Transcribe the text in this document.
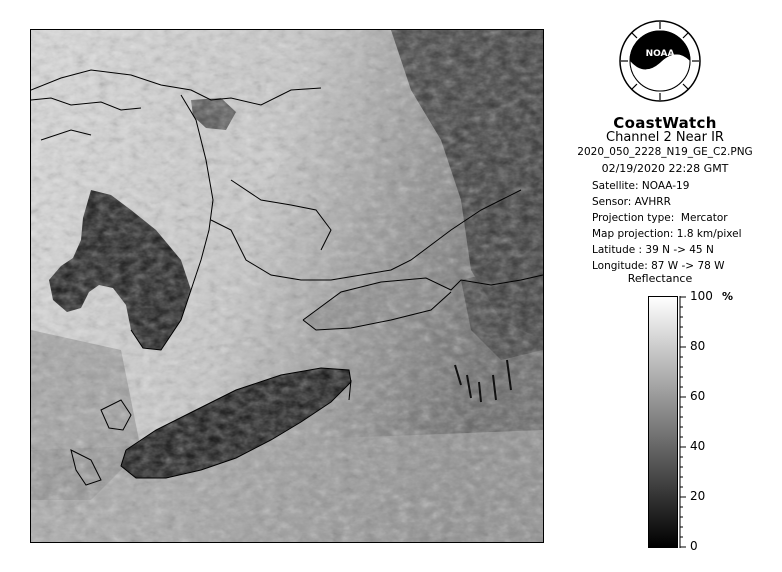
NOAA
CoastWatch
Channel 2 Near IR
2020_050_2228_N19_GE_C2.PNG
02/19/2020 22:28 GMT
Satellite: NOAA-19
Sensor: AVHRR
Projection type:  Mercator
Map projection: 1.8 km/pixel
Latitude : 39 N -> 45 N
Longitude: 87 W -> 78 W
Reflectance
%
100
80
60
40
20
0
